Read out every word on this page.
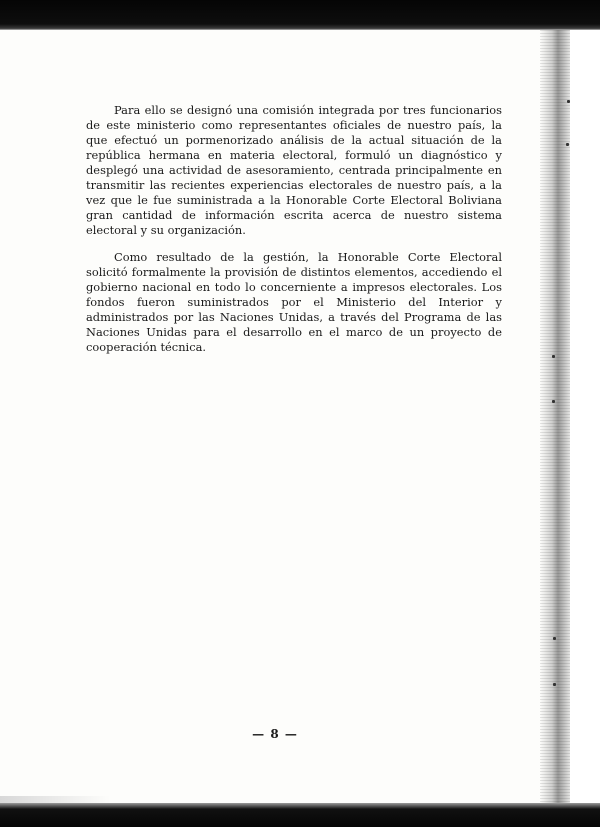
Para ello se designó una comisión integrada por tres funcionarios de este ministerio como representantes oficiales de nuestro país, la que efectuó un pormenorizado análisis de la actual situación de la república hermana en materia electoral, formuló un diagnóstico y desplegó una actividad de asesoramiento, centrada principalmente en transmitir las recientes experiencias electorales de nuestro país, a la vez que le fue suministrada a la Honorable Corte Electoral Boliviana gran cantidad de información escrita acerca de nuestro sistema electoral y su organización.

Como resultado de la gestión, la Honorable Corte Electoral solicitó formalmente la provisión de distintos elementos, accediendo el gobierno nacional en todo lo concerniente a impresos electorales. Los fondos fueron suministrados por el Ministerio del Interior y administrados por las Naciones Unidas, a través del Programa de las Naciones Unidas para el desarrollo en el marco de un proyecto de cooperación técnica.

— 8 —
